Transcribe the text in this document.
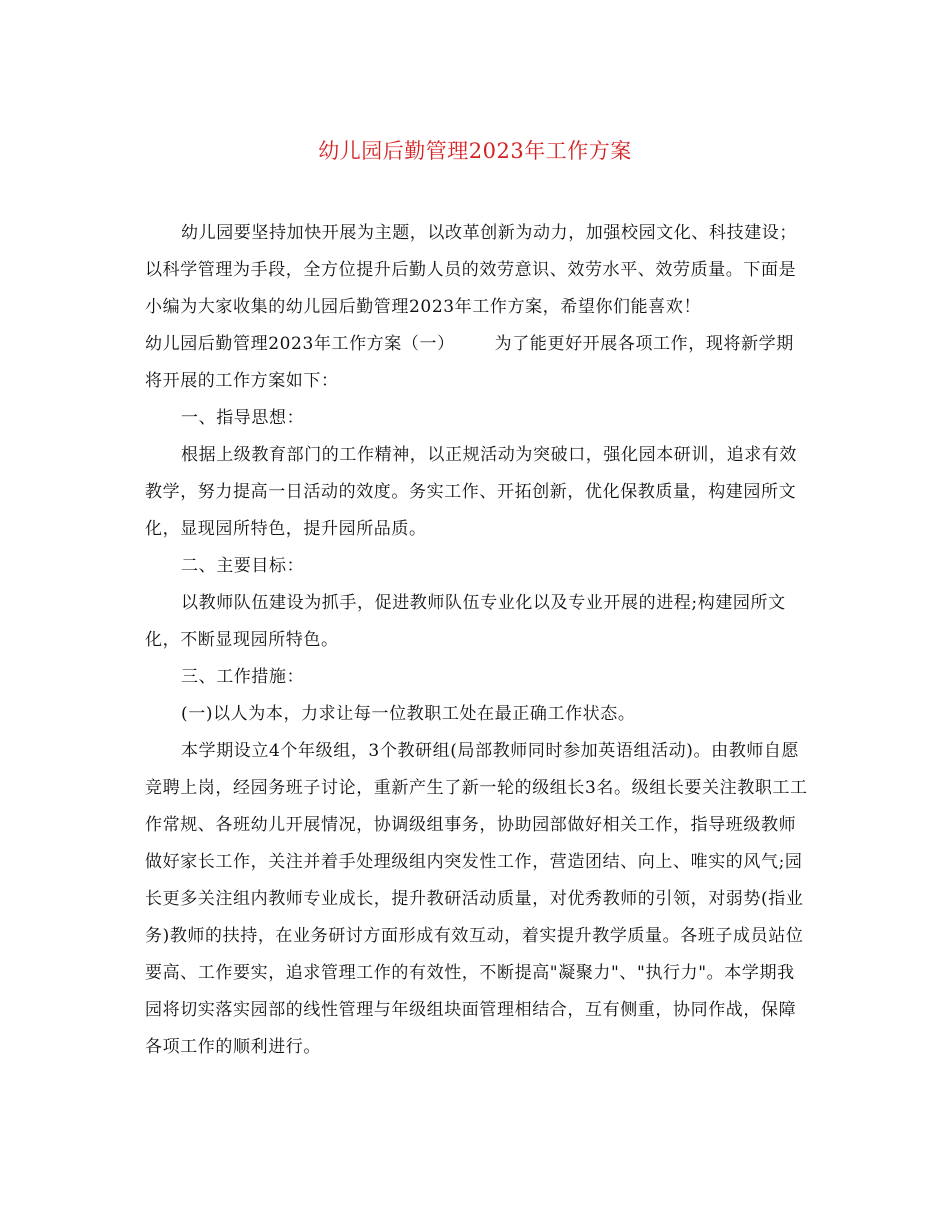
幼儿园后勤管理2023年工作方案

幼儿园要坚持加快开展为主题，以改革创新为动力，加强校园文化、科技建设；以科学管理为手段，全方位提升后勤人员的效劳意识、效劳水平、效劳质量。下面是小编为大家收集的幼儿园后勤管理2023年工作方案，希望你们能喜欢！

幼儿园后勤管理2023年工作方案（一） 为了能更好开展各项工作，现将新学期将开展的工作方案如下：

一、指导思想：

根据上级教育部门的工作精神，以正规活动为突破口，强化园本研训，追求有效教学，努力提高一日活动的效度。务实工作、开拓创新，优化保教质量，构建园所文化，显现园所特色，提升园所品质。

二、主要目标：

以教师队伍建设为抓手，促进教师队伍专业化以及专业开展的进程;构建园所文化，不断显现园所特色。

三、工作措施：

(一)以人为本，力求让每一位教职工处在最正确工作状态。

本学期设立4个年级组，3个教研组(局部教师同时参加英语组活动)。由教师自愿竞聘上岗，经园务班子讨论，重新产生了新一轮的级组长3名。级组长要关注教职工工作常规、各班幼儿开展情况，协调级组事务，协助园部做好相关工作，指导班级教师做好家长工作，关注并着手处理级组内突发性工作，营造团结、向上、唯实的风气;园长更多关注组内教师专业成长，提升教研活动质量，对优秀教师的引领，对弱势(指业务)教师的扶持，在业务研讨方面形成有效互动，着实提升教学质量。各班子成员站位要高、工作要实，追求管理工作的有效性，不断提高"凝聚力"、"执行力"。本学期我园将切实落实园部的线性管理与年级组块面管理相结合，互有侧重，协同作战，保障各项工作的顺利进行。
